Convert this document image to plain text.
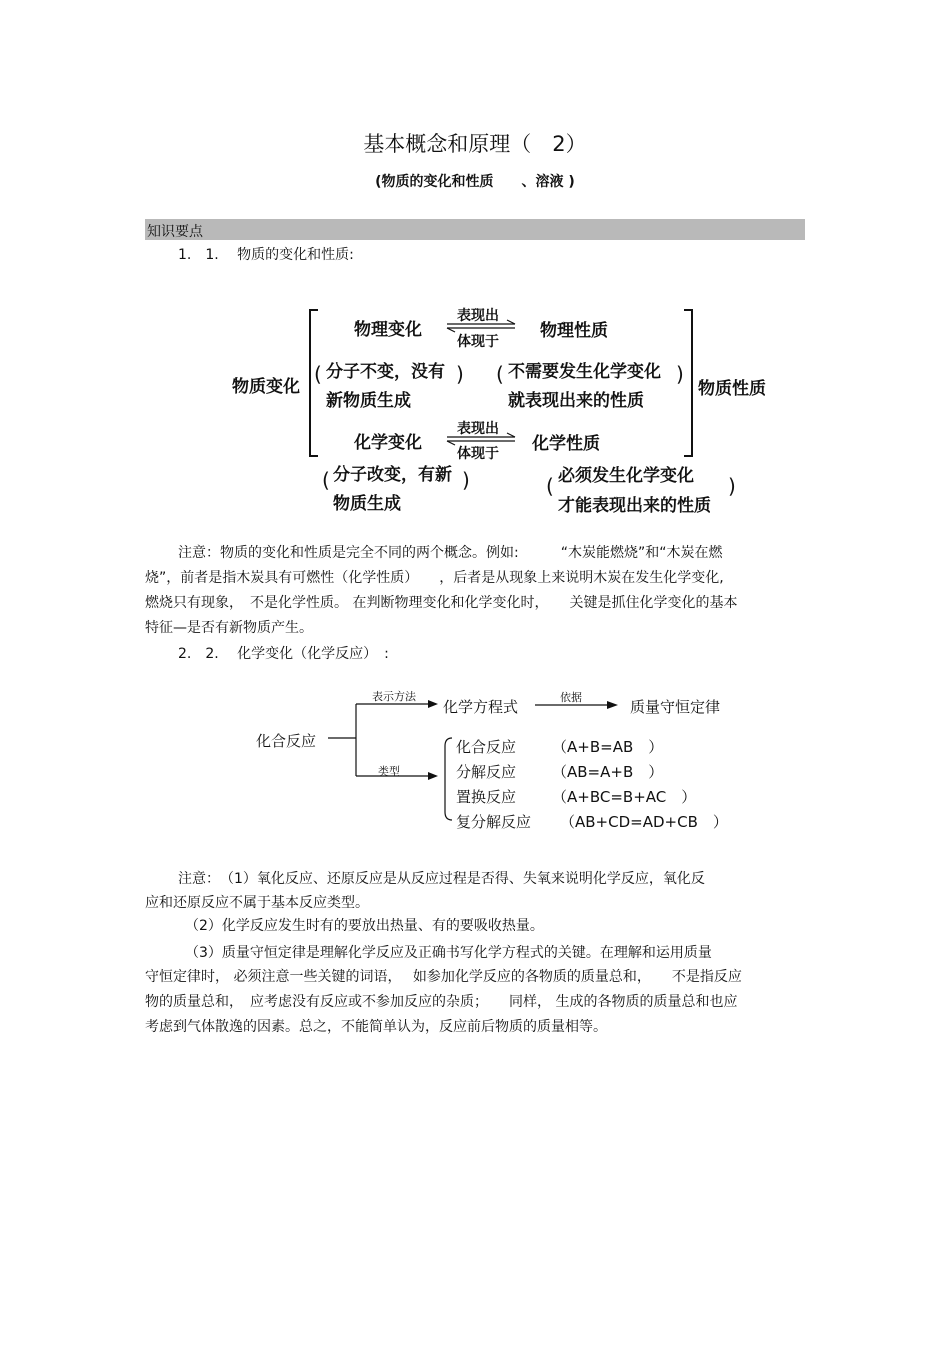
基本概念和原理（　2）
(物质的变化和性质　　、溶液 )
知识要点
1.　1.　 物质的变化和性质:
物质变化	物质性质
物理变化	物理性质
表现出
体现于
( 分子不变，没有
新物质生成
) ( 不需要发生化学变化
就表现出来的性质
)
化学变化	化学性质
表现出
体现于
( 分子改变，有新
物质生成
)	( 必须发生化学变化
才能表现出来的性质
)
注意：物质的变化和性质是完全不同的两个概念。例如:　　　“木炭能燃烧”和“木炭在燃
烧”，前者是指木炭具有可燃性（化学性质）　　，后者是从现象上来说明木炭在发生化学变化,
燃烧只有现象，　不是化学性质。 在判断物理变化和化学变化时，　　关键是抓住化学变化的基本
特征—是否有新物质产生。
2.　2.　 化学变化（化学反应）　:
化合反应
表示方法
化学方程式
依据
质量守恒定律
类型
化合反应 （A+B=AB　）
分解反应 （AB=A+B　）
置换反应 （A+BC=B+AC　）
复分解反应 （AB+CD=AD+CB　）
注意：　（1）氧化反应、还原反应是从反应过程是否得、失氧来说明化学反应，氧化反
应和还原反应不属于基本反应类型。
（2）化学反应发生时有的要放出热量、有的要吸收热量。
（3）质量守恒定律是理解化学反应及正确书写化学方程式的关键。在理解和运用质量
守恒定律时， 必须注意一些关键的词语，　 如参加化学反应的各物质的质量总和，　　不是指反应
物的质量总和，　应考虑没有反应或不参加反应的杂质；　　同样， 生成的各物质的质量总和也应
考虑到气体散逸的因素。总之，不能简单认为，反应前后物质的质量相等。
